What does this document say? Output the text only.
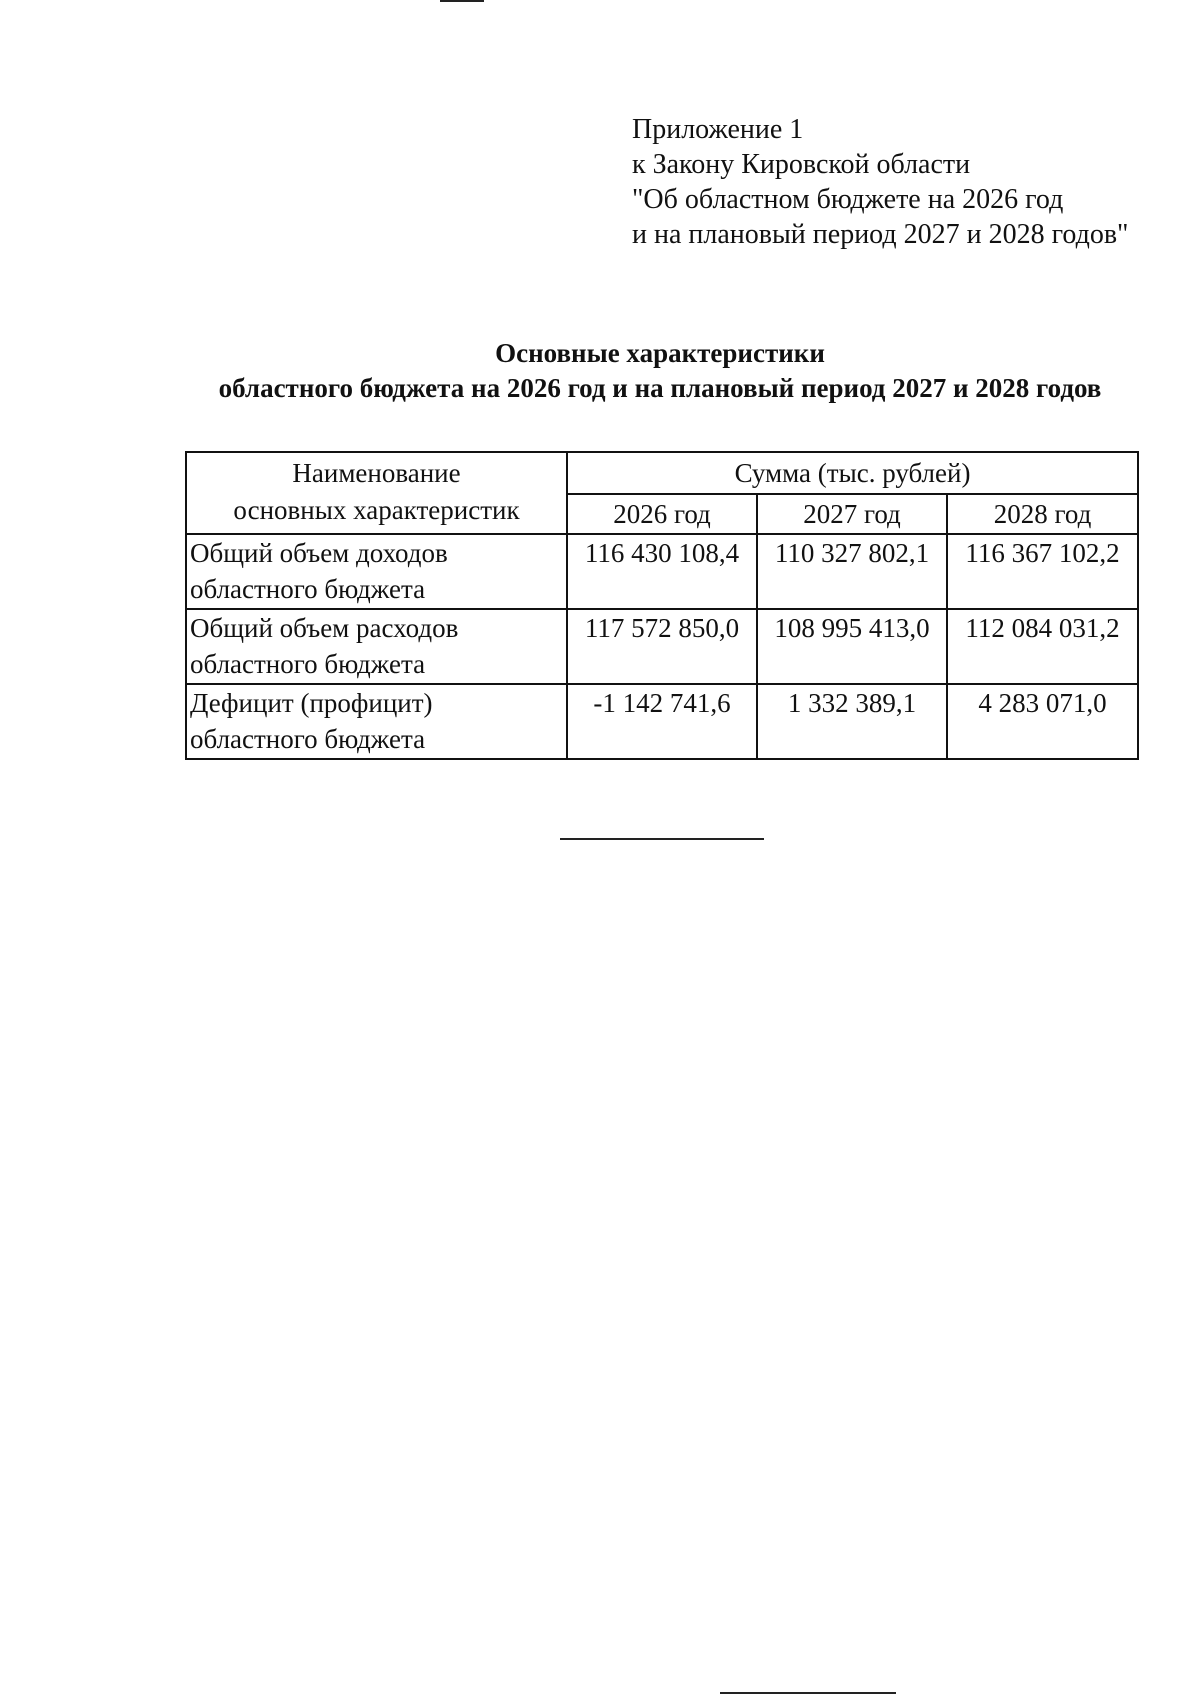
Приложение 1
к Закону Кировской области
"Об областном бюджете на 2026 год
и на плановый период 2027 и 2028 годов"
Основные характеристики
областного бюджета на 2026 год и на плановый период 2027 и 2028 годов
Наименование
основных характеристик	Сумма (тыс. рублей)		
	2026 год	2027 год	2028 год

Общий объем доходов
областного бюджета	116 430 108,4	110 327 802,1	116 367 102,2

Общий объем расходов
областного бюджета	117 572 850,0	108 995 413,0	112 084 031,2

Дефицит (профицит)
областного бюджета	-1 142 741,6	1 332 389,1	4 283 071,0
